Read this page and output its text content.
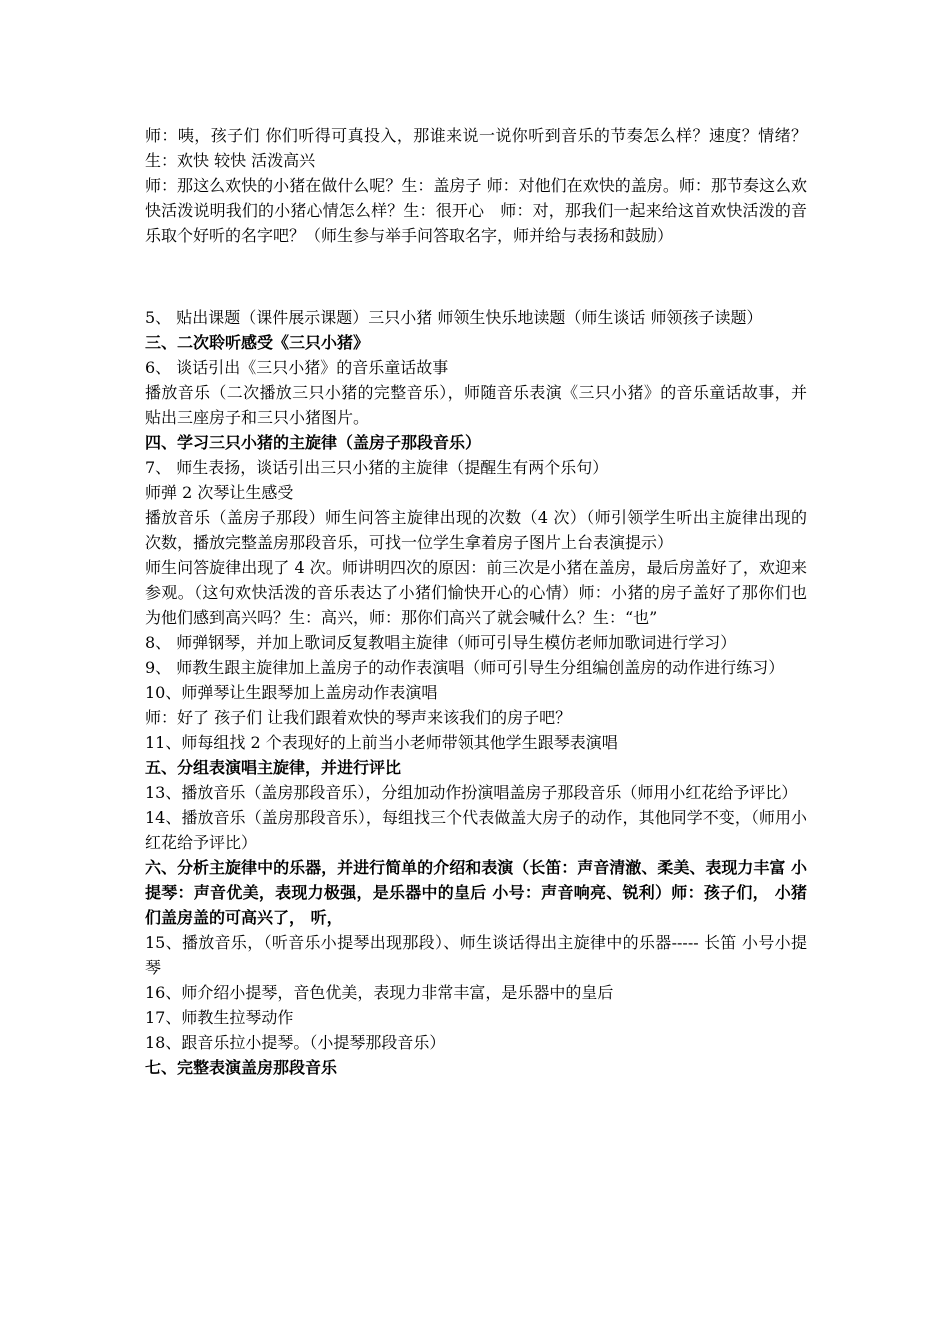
师：咦，孩子们 你们听得可真投入，那谁来说一说你听到音乐的节奏怎么样？速度？情绪？生：欢快 较快 活泼高兴

师：那这么欢快的小猪在做什么呢？生：盖房子 师：对他们在欢快的盖房。师：那节奏这么欢快活泼说明我们的小猪心情怎么样？生：很开心　师：对，那我们一起来给这首欢快活泼的音乐取个好听的名字吧？（师生参与举手问答取名字，师并给与表扬和鼓励）

5、 贴出课题（课件展示课题）三只小猪 师领生快乐地读题（师生谈话 师领孩子读题）

三、二次聆听感受《三只小猪》

6、 谈话引出《三只小猪》的音乐童话故事

播放音乐（二次播放三只小猪的完整音乐），师随音乐表演《三只小猪》的音乐童话故事，并贴出三座房子和三只小猪图片。

四、学习三只小猪的主旋律（盖房子那段音乐）

7、 师生表扬，谈话引出三只小猪的主旋律（提醒生有两个乐句）

师弹 2 次琴让生感受

播放音乐（盖房子那段）师生问答主旋律出现的次数（4 次）（师引领学生听出主旋律出现的次数，播放完整盖房那段音乐，可找一位学生拿着房子图片上台表演提示）

师生问答旋律出现了 4 次。师讲明四次的原因：前三次是小猪在盖房，最后房盖好了，欢迎来参观。（这句欢快活泼的音乐表达了小猪们愉快开心的心情）师：小猪的房子盖好了那你们也为他们感到高兴吗？生：高兴，师：那你们高兴了就会喊什么？生：“也”

8、 师弹钢琴，并加上歌词反复教唱主旋律（师可引导生模仿老师加歌词进行学习）

9、 师教生跟主旋律加上盖房子的动作表演唱（师可引导生分组编创盖房的动作进行练习）

10、师弹琴让生跟琴加上盖房动作表演唱

师：好了 孩子们 让我们跟着欢快的琴声来该我们的房子吧？

11、师每组找 2 个表现好的上前当小老师带领其他学生跟琴表演唱

五、分组表演唱主旋律，并进行评比

13、播放音乐（盖房那段音乐），分组加动作扮演唱盖房子那段音乐（师用小红花给予评比）

14、播放音乐（盖房那段音乐），每组找三个代表做盖大房子的动作，其他同学不变，（师用小红花给予评比）

六、分析主旋律中的乐器，并进行简单的介绍和表演（长笛：声音清澈、柔美、表现力丰富 小提琴：声音优美，表现力极强，是乐器中的皇后 小号：声音响亮、锐利）师：孩子们， 小猪们盖房盖的可高兴了， 听，

15、播放音乐，（听音乐小提琴出现那段）、师生谈话得出主旋律中的乐器----- 长笛 小号小提琴

16、师介绍小提琴，音色优美，表现力非常丰富，是乐器中的皇后

17、师教生拉琴动作

18、跟音乐拉小提琴。（小提琴那段音乐）

七、完整表演盖房那段音乐
